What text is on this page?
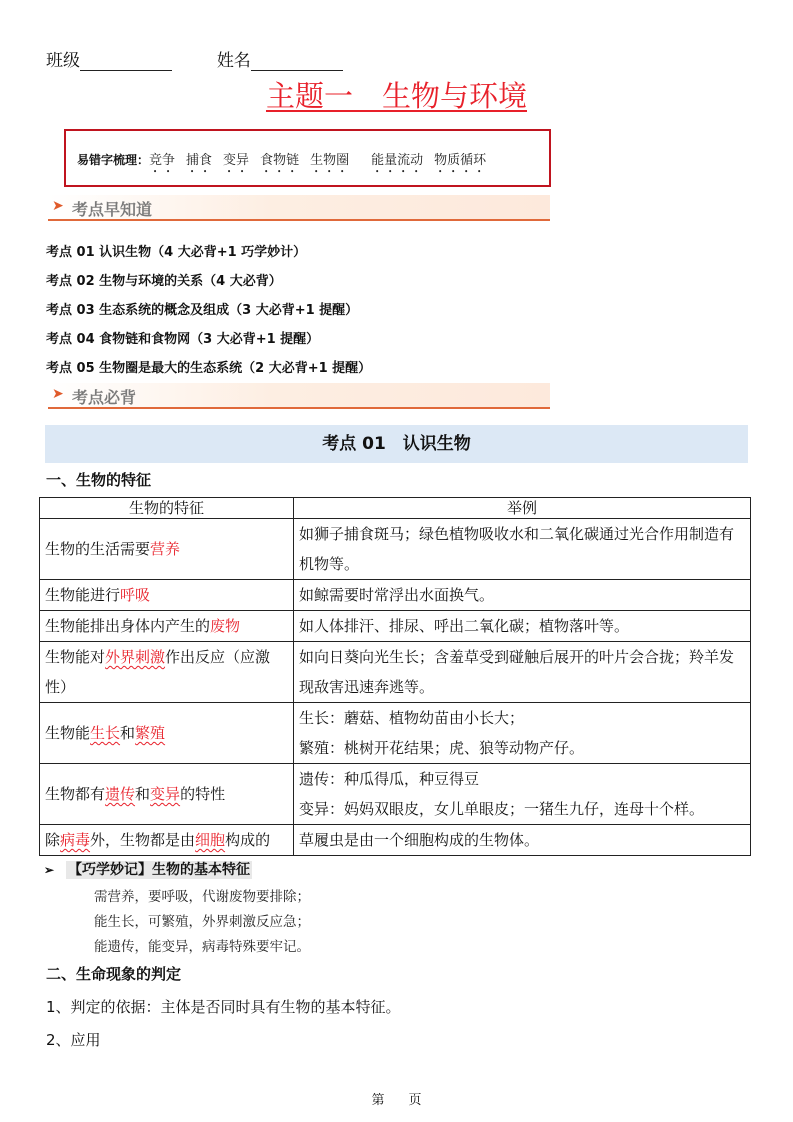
班级	姓名
主题一　生物与环境
易错字梳理：竞争 捕食 变异 食物链 生物圈 能量流动 物质循环
➤ 考点早知道
考点 01 认识生物（4 大必背+1 巧学妙计）
考点 02 生物与环境的关系（4 大必背）
考点 03 生态系统的概念及组成（3 大必背+1 提醒）
考点 04 食物链和食物网（3 大必背+1 提醒）
考点 05 生物圈是最大的生态系统（2 大必背+1 提醒）
➤ 考点必背
考点 01　认识生物
一、生物的特征
生物的特征	举例
生物的生活需要营养	如狮子捕食斑马；绿色植物吸收水和二氧化碳通过光合作用制造有机物等。
生物能进行呼吸	如鲸需要时常浮出水面换气。
生物能排出身体内产生的废物	如人体排汗、排尿、呼出二氧化碳；植物落叶等。
生物能对外界刺激作出反应（应激性）	如向日葵向光生长；含羞草受到碰触后展开的叶片会合拢；羚羊发现敌害迅速奔逃等。
生物能生长和繁殖	生长：蘑菇、植物幼苗由小长大；
繁殖：桃树开花结果；虎、狼等动物产仔。

生物都有遗传和变异的特性	遗传：种瓜得瓜，种豆得豆
变异：妈妈双眼皮，女儿单眼皮；一猪生九仔，连母十个样。

除病毒外，生物都是由细胞构成的	草履虫是由一个细胞构成的生物体。
➢ 【巧学妙记】生物的基本特征
需营养，要呼吸，代谢废物要排除；
能生长，可繁殖，外界刺激反应急；
能遗传，能变异，病毒特殊要牢记。
二、生命现象的判定
1、判定的依据：主体是否同时具有生物的基本特征。
2、应用
第 页
